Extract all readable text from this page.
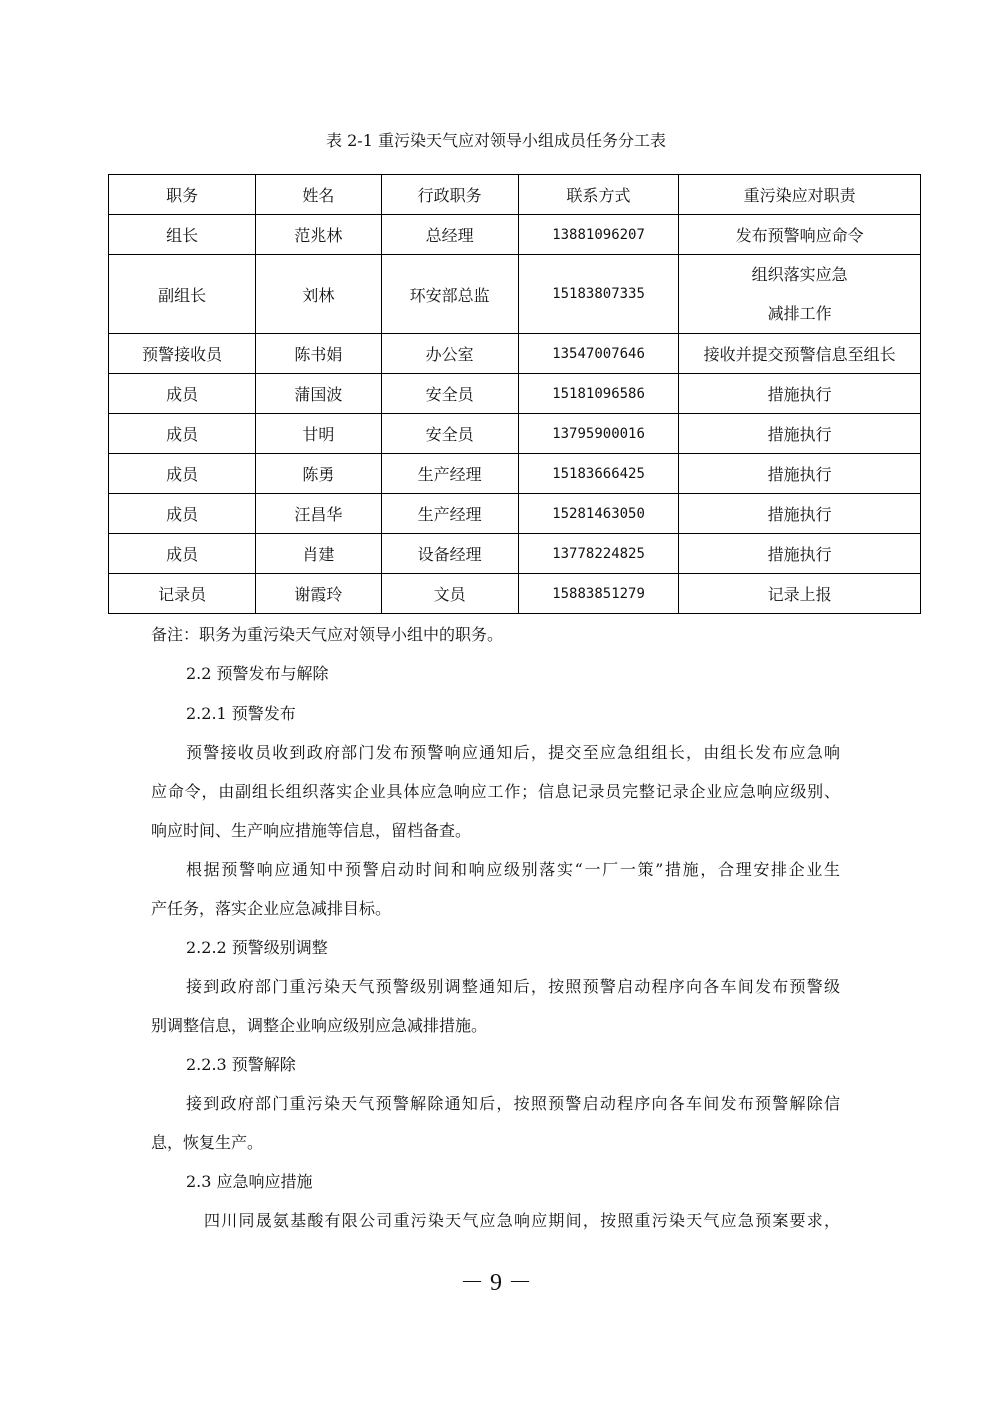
表 2-1 重污染天气应对领导小组成员任务分工表
职务	姓名	行政职务	联系方式	重污染应对职责
组长	范兆林	总经理	13881096207	发布预警响应命令
副组长	刘林	环安部总监	15183807335	组织落实应急
减排工作

预警接收员	陈书娟	办公室	13547007646	接收并提交预警信息至组长
成员	蒲国波	安全员	15181096586	措施执行
成员	甘明	安全员	13795900016	措施执行
成员	陈勇	生产经理	15183666425	措施执行
成员	汪昌华	生产经理	15281463050	措施执行
成员	肖建	设备经理	13778224825	措施执行
记录员	谢霞玲	文员	15883851279	记录上报
备注：职务为重污染天气应对领导小组中的职务。
2.2 预警发布与解除
2.2.1 预警发布
预警接收员收到政府部门发布预警响应通知后，提交至应急组组长，由组长发布应急响
应命令，由副组长组织落实企业具体应急响应工作；信息记录员完整记录企业应急响应级别、
响应时间、生产响应措施等信息，留档备查。
根据预警响应通知中预警启动时间和响应级别落实“一厂一策”措施，合理安排企业生
产任务，落实企业应急减排目标。
2.2.2 预警级别调整
接到政府部门重污染天气预警级别调整通知后，按照预警启动程序向各车间发布预警级
别调整信息，调整企业响应级别应急减排措施。
2.2.3 预警解除
接到政府部门重污染天气预警解除通知后，按照预警启动程序向各车间发布预警解除信
息，恢复生产。
2.3 应急响应措施
四川同晟氨基酸有限公司重污染天气应急响应期间，按照重污染天气应急预案要求，
－ 9 －
